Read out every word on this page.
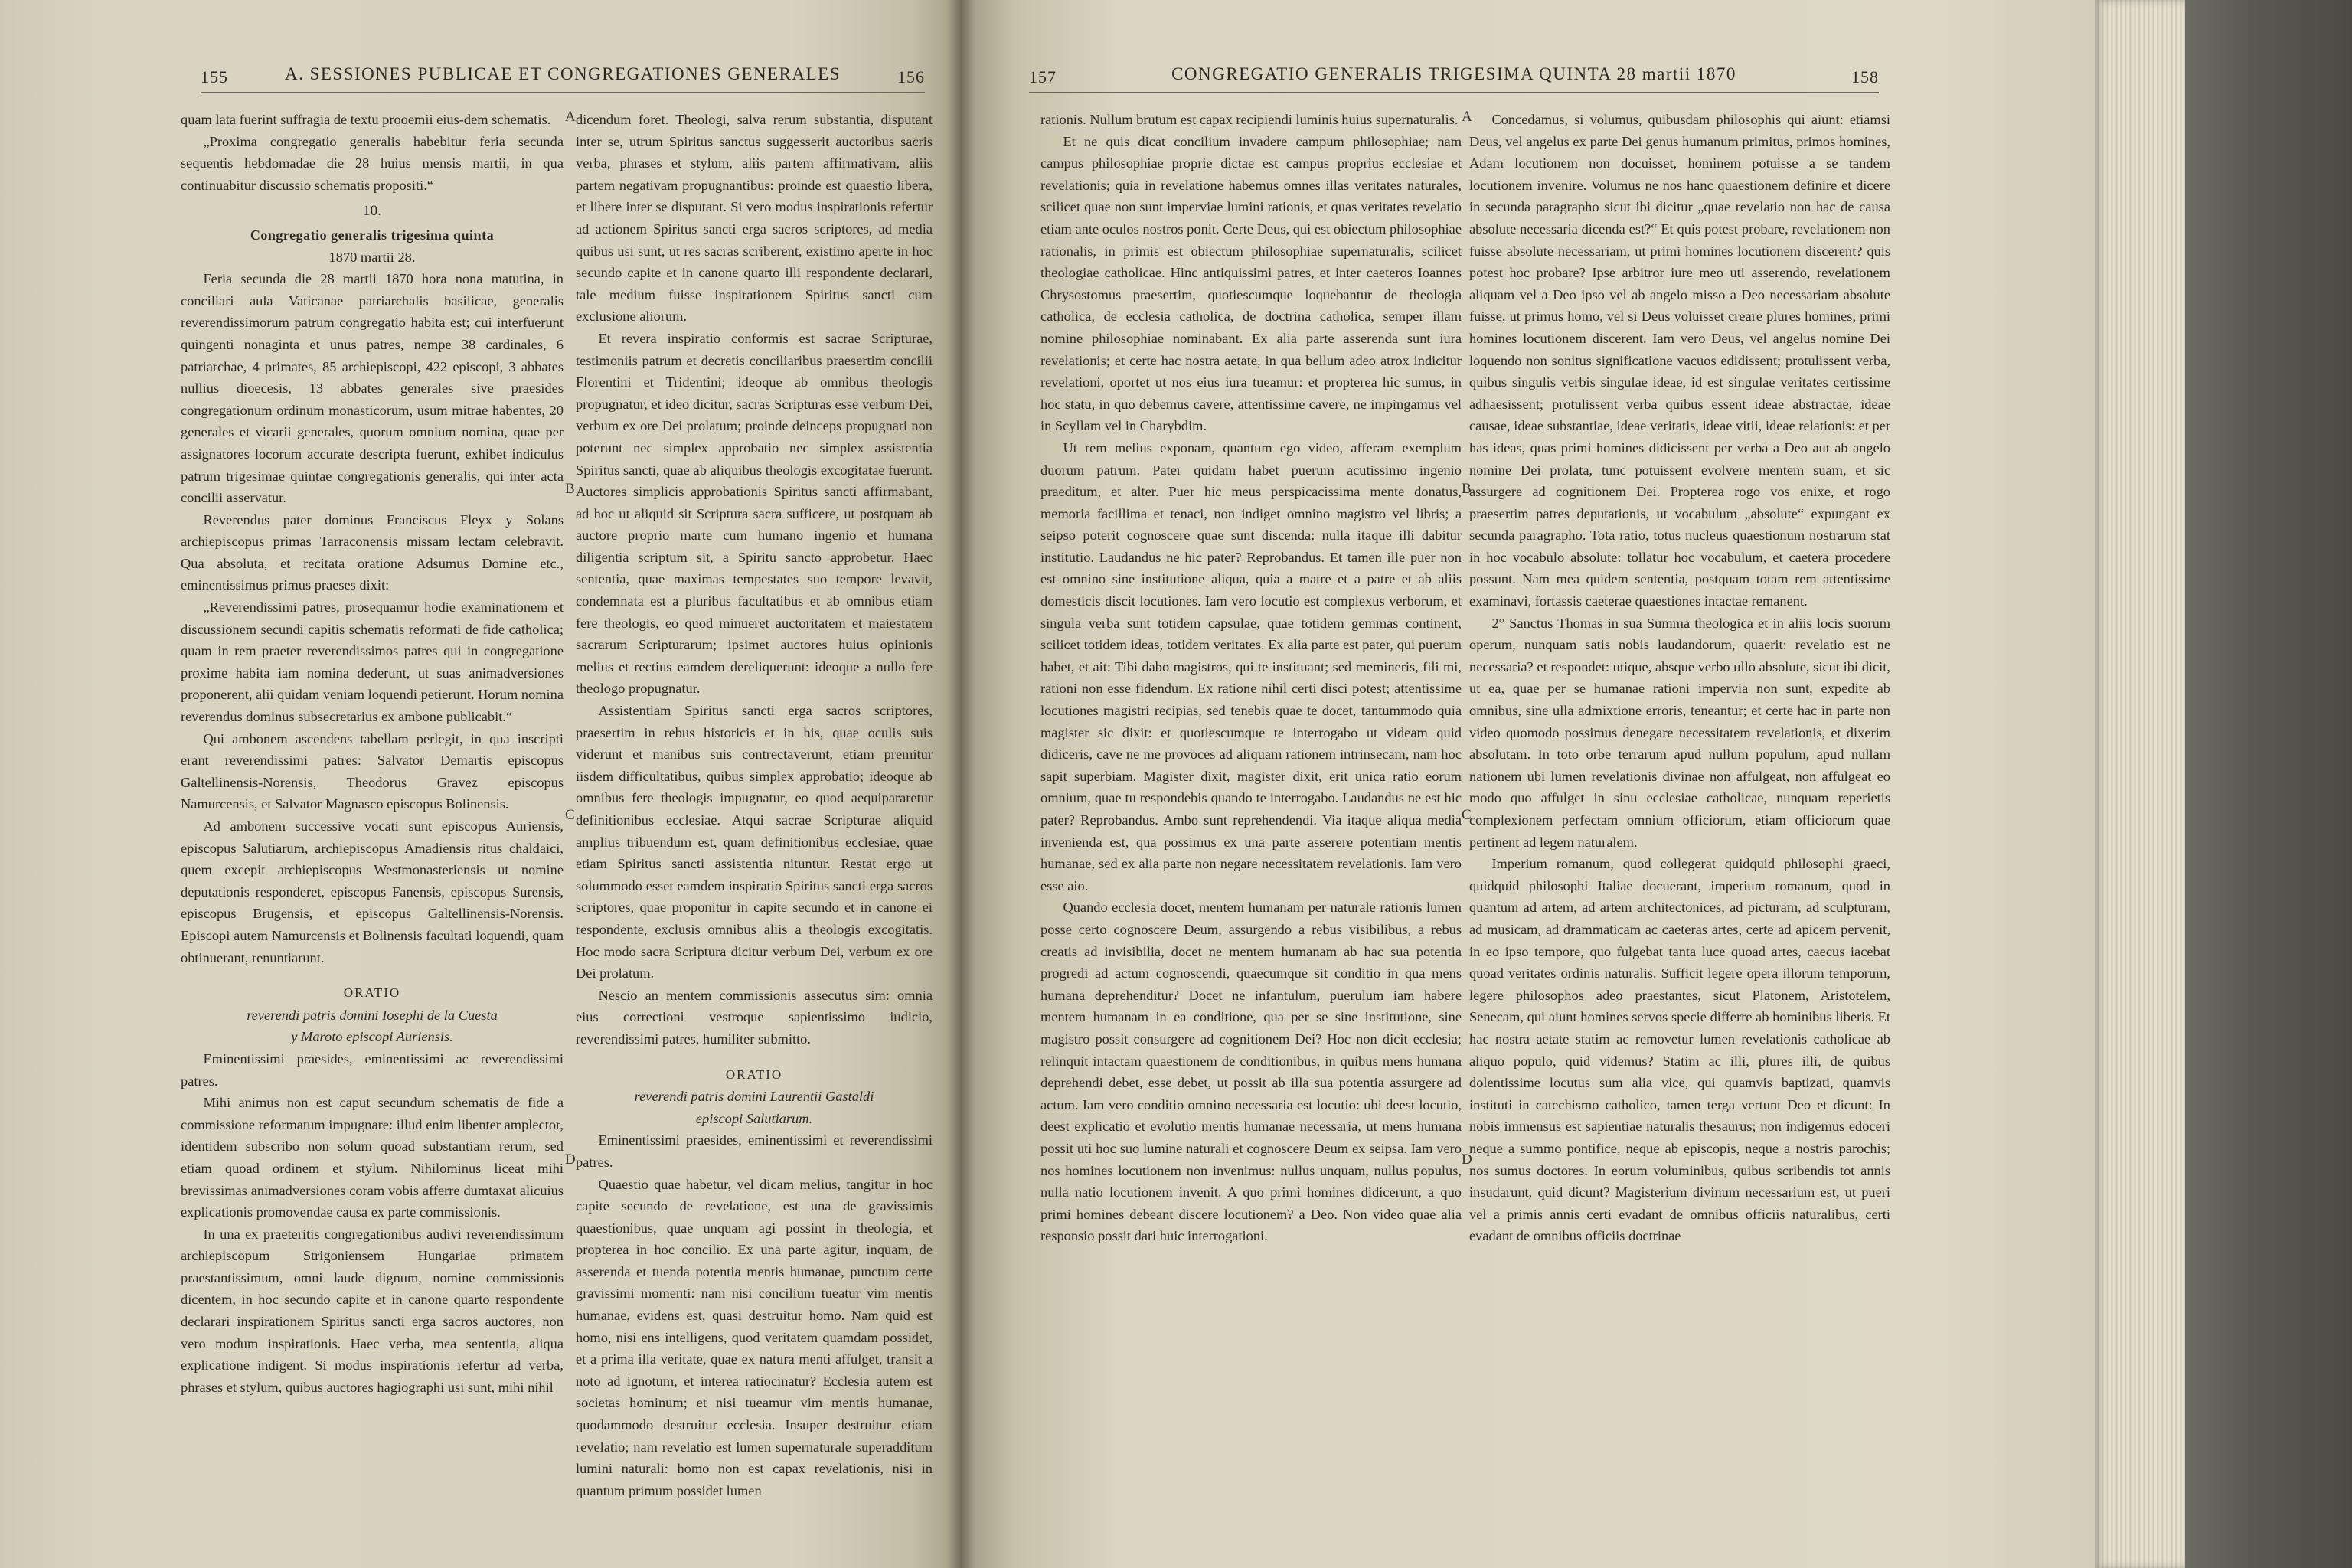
155	A. SESSIONES PUBLICAE ET CONGREGATIONES GENERALES	156

quam lata fuerint suffragia de textu prooemii eius-dem schematis.

„Proxima congregatio generalis habebitur feria secunda sequentis hebdomadae die 28 huius mensis martii, in qua continuabitur discussio schematis propositi.“

10.
Congregatio generalis trigesima quinta
1870 martii 28.

Feria secunda die 28 martii 1870 hora nona matutina, in conciliari aula Vaticanae patriarchalis basilicae, generalis reverendissimorum patrum congregatio habita est; cui interfuerunt quingenti nonaginta et unus patres, nempe 38 cardinales, 6 patriarchae, 4 primates, 85 archiepiscopi, 422 episcopi, 3 abbates nullius dioecesis, 13 abbates generales sive praesides congregationum ordinum monasticorum, usum mitrae habentes, 20 generales et vicarii generales, quorum omnium nomina, quae per assignatores locorum accurate descripta fuerunt, exhibet indiculus patrum trigesimae quintae congregationis generalis, qui inter acta concilii asservatur.

Reverendus pater dominus Franciscus Fleyx y Solans archiepiscopus primas Tarraconensis missam lectam celebravit. Qua absoluta, et recitata oratione Adsumus Domine etc., eminentissimus primus praeses dixit:

„Reverendissimi patres, prosequamur hodie examinationem et discussionem secundi capitis schematis reformati de fide catholica; quam in rem praeter reverendissimos patres qui in congregatione proxime habita iam nomina dederunt, ut suas animadversiones proponerent, alii quidam veniam loquendi petierunt. Horum nomina reverendus dominus subsecretarius ex ambone publicabit.“

Qui ambonem ascendens tabellam perlegit, in qua inscripti erant reverendissimi patres: Salvator Demartis episcopus Galtellinensis-Norensis, Theodorus Gravez episcopus Namurcensis, et Salvator Magnasco episcopus Bolinensis.

Ad ambonem successive vocati sunt episcopus Auriensis, episcopus Salutiarum, archiepiscopus Amadiensis ritus chaldaici, quem excepit archiepiscopus Westmonasteriensis ut nomine deputationis responderet, episcopus Fanensis, episcopus Surensis, episcopus Brugensis, et episcopus Galtellinensis-Norensis. Episcopi autem Namurcensis et Bolinensis facultati loquendi, quam obtinuerant, renuntiarunt.

ORATIO
reverendi patris domini Iosephi de la Cuesta
y Maroto episcopi Auriensis.

Eminentissimi praesides, eminentissimi ac reverendissimi patres.

Mihi animus non est caput secundum schematis de fide a commissione reformatum impugnare: illud enim libenter amplector, identidem subscribo non solum quoad substantiam rerum, sed etiam quoad ordinem et stylum. Nihilominus liceat mihi brevissimas animadversiones coram vobis afferre dumtaxat alicuius explicationis promovendae causa ex parte commissionis.

In una ex praeteritis congregationibus audivi reverendissimum archiepiscopum Strigoniensem Hungariae primatem praestantissimum, omni laude dignum, nomine commissionis dicentem, in hoc secundo capite et in canone quarto respondente declarari inspirationem Spiritus sancti erga sacros auctores, non vero modum inspirationis. Haec verba, mea sententia, aliqua explicatione indigent. Si modus inspirationis refertur ad verba, phrases et stylum, quibus auctores hagiographi usi sunt, mihi nihil

dicendum foret. Theologi, salva rerum substantia, disputant inter se, utrum Spiritus sanctus suggesserit auctoribus sacris verba, phrases et stylum, aliis partem affirmativam, aliis partem negativam propugnantibus: proinde est quaestio libera, et libere inter se disputant. Si vero modus inspirationis refertur ad actionem Spiritus sancti erga sacros scriptores, ad media quibus usi sunt, ut res sacras scriberent, existimo aperte in hoc secundo capite et in canone quarto illi respondente declarari, tale medium fuisse inspirationem Spiritus sancti cum exclusione aliorum.

Et revera inspiratio conformis est sacrae Scripturae, testimoniis patrum et decretis conciliaribus praesertim concilii Florentini et Tridentini; ideoque ab omnibus theologis propugnatur, et ideo dicitur, sacras Scripturas esse verbum Dei, verbum ex ore Dei prolatum; proinde deinceps propugnari non poterunt nec simplex approbatio nec simplex assistentia Spiritus sancti, quae ab aliquibus theologis excogitatae fuerunt. Auctores simplicis approbationis Spiritus sancti affirmabant, ad hoc ut aliquid sit Scriptura sacra sufficere, ut postquam ab auctore proprio marte cum humano ingenio et humana diligentia scriptum sit, a Spiritu sancto approbetur. Haec sententia, quae maximas tempestates suo tempore levavit, condemnata est a pluribus facultatibus et ab omnibus etiam fere theologis, eo quod minueret auctoritatem et maiestatem sacrarum Scripturarum; ipsimet auctores huius opinionis melius et rectius eamdem dereliquerunt: ideoque a nullo fere theologo propugnatur.

Assistentiam Spiritus sancti erga sacros scriptores, praesertim in rebus historicis et in his, quae oculis suis viderunt et manibus suis contrectaverunt, etiam premitur iisdem difficultatibus, quibus simplex approbatio; ideoque ab omnibus fere theologis impugnatur, eo quod aequipararetur definitionibus ecclesiae. Atqui sacrae Scripturae aliquid amplius tribuendum est, quam definitionibus ecclesiae, quae etiam Spiritus sancti assistentia nituntur. Restat ergo ut solummodo esset eamdem inspiratio Spiritus sancti erga sacros scriptores, quae proponitur in capite secundo et in canone ei respondente, exclusis omnibus aliis a theologis excogitatis. Hoc modo sacra Scriptura dicitur verbum Dei, verbum ex ore Dei prolatum.

Nescio an mentem commissionis assecutus sim: omnia eius correctioni vestroque sapientissimo iudicio, reverendissimi patres, humiliter submitto.

ORATIO
reverendi patris domini Laurentii Gastaldi
episcopi Salutiarum.

Eminentissimi praesides, eminentissimi et reverendissimi patres.

Quaestio quae habetur, vel dicam melius, tangitur in hoc capite secundo de revelatione, est una de gravissimis quaestionibus, quae unquam agi possint in theologia, et propterea in hoc concilio. Ex una parte agitur, inquam, de asserenda et tuenda potentia mentis humanae, punctum certe gravissimi momenti: nam nisi concilium tueatur vim mentis humanae, evidens est, quasi destruitur homo. Nam quid est homo, nisi ens intelligens, quod veritatem quamdam possidet, et a prima illa veritate, quae ex natura menti affulget, transit a noto ad ignotum, et interea ratiocinatur? Ecclesia autem est societas hominum; et nisi tueamur vim mentis humanae, quodammodo destruitur ecclesia. Insuper destruitur etiam revelatio; nam revelatio est lumen supernaturale superadditum lumini naturali: homo non est capax revelationis, nisi in quantum primum possidet lumen

A
B
C
D
157	CONGREGATIO GENERALIS TRIGESIMA QUINTA 28 martii 1870	158

rationis. Nullum brutum est capax recipiendi luminis huius supernaturalis.

Et ne quis dicat concilium invadere campum philosophiae; nam campus philosophiae proprie dictae est campus proprius ecclesiae et revelationis; quia in revelatione habemus omnes illas veritates naturales, scilicet quae non sunt imperviae lumini rationis, et quas veritates revelatio etiam ante oculos nostros ponit. Certe Deus, qui est obiectum philosophiae rationalis, in primis est obiectum philosophiae supernaturalis, scilicet theologiae catholicae. Hinc antiquissimi patres, et inter caeteros Ioannes Chrysostomus praesertim, quotiescumque loquebantur de theologia catholica, de ecclesia catholica, de doctrina catholica, semper illam nomine philosophiae nominabant. Ex alia parte asserenda sunt iura revelationis; et certe hac nostra aetate, in qua bellum adeo atrox indicitur revelationi, oportet ut nos eius iura tueamur: et propterea hic sumus, in hoc statu, in quo debemus cavere, attentissime cavere, ne impingamus vel in Scyllam vel in Charybdim.

Ut rem melius exponam, quantum ego video, afferam exemplum duorum patrum. Pater quidam habet puerum acutissimo ingenio praeditum, et alter. Puer hic meus perspicacissima mente donatus, memoria facillima et tenaci, non indiget omnino magistro vel libris; a seipso poterit cognoscere quae sunt discenda: nulla itaque illi dabitur institutio. Laudandus ne hic pater? Reprobandus. Et tamen ille puer non est omnino sine institutione aliqua, quia a matre et a patre et ab aliis domesticis discit locutiones. Iam vero locutio est complexus verborum, et singula verba sunt totidem capsulae, quae totidem gemmas continent, scilicet totidem ideas, totidem veritates. Ex alia parte est pater, qui puerum habet, et ait: Tibi dabo magistros, qui te instituant; sed memineris, fili mi, rationi non esse fidendum. Ex ratione nihil certi disci potest; attentissime locutiones magistri recipias, sed tenebis quae te docet, tantummodo quia magister sic dixit: et quotiescumque te interrogabo ut videam quid didiceris, cave ne me provoces ad aliquam rationem intrinsecam, nam hoc sapit superbiam. Magister dixit, magister dixit, erit unica ratio eorum omnium, quae tu respondebis quando te interrogabo. Laudandus ne est hic pater? Reprobandus. Ambo sunt reprehendendi. Via itaque aliqua media invenienda est, qua possimus ex una parte asserere potentiam mentis humanae, sed ex alia parte non negare necessitatem revelationis. Iam vero esse aio.

Quando ecclesia docet, mentem humanam per naturale rationis lumen posse certo cognoscere Deum, assurgendo a rebus visibilibus, a rebus creatis ad invisibilia, docet ne mentem humanam ab hac sua potentia progredi ad actum cognoscendi, quaecumque sit conditio in qua mens humana deprehenditur? Docet ne infantulum, puerulum iam habere mentem humanam in ea conditione, qua per se sine institutione, sine magistro possit consurgere ad cognitionem Dei? Hoc non dicit ecclesia; relinquit intactam quaestionem de conditionibus, in quibus mens humana deprehendi debet, esse debet, ut possit ab illa sua potentia assurgere ad actum. Iam vero conditio omnino necessaria est locutio: ubi deest locutio, deest explicatio et evolutio mentis humanae necessaria, ut mens humana possit uti hoc suo lumine naturali et cognoscere Deum ex seipsa. Iam vero nos homines locutionem non invenimus: nullus unquam, nullus populus, nulla natio locutionem invenit. A quo primi homines didicerunt, a quo primi homines debeant discere locutionem? a Deo. Non video quae alia responsio possit dari huic interrogationi.

Concedamus, si volumus, quibusdam philosophis qui aiunt: etiamsi Deus, vel angelus ex parte Dei genus humanum primitus, primos homines, Adam locutionem non docuisset, hominem potuisse a se tandem locutionem invenire. Volumus ne nos hanc quaestionem definire et dicere in secunda paragrapho sicut ibi dicitur „quae revelatio non hac de causa absolute necessaria dicenda est?“ Et quis potest probare, revelationem non fuisse absolute necessariam, ut primi homines locutionem discerent? quis potest hoc probare? Ipse arbitror iure meo uti asserendo, revelationem aliquam vel a Deo ipso vel ab angelo misso a Deo necessariam absolute fuisse, ut primus homo, vel si Deus voluisset creare plures homines, primi homines locutionem discerent. Iam vero Deus, vel angelus nomine Dei loquendo non sonitus significatione vacuos edidissent; protulissent verba, quibus singulis verbis singulae ideae, id est singulae veritates certissime adhaesissent; protulissent verba quibus essent ideae abstractae, ideae causae, ideae substantiae, ideae veritatis, ideae vitii, ideae relationis: et per has ideas, quas primi homines didicissent per verba a Deo aut ab angelo nomine Dei prolata, tunc potuissent evolvere mentem suam, et sic assurgere ad cognitionem Dei. Propterea rogo vos enixe, et rogo praesertim patres deputationis, ut vocabulum „absolute“ expungant ex secunda paragrapho. Tota ratio, totus nucleus quaestionum nostrarum stat in hoc vocabulo absolute: tollatur hoc vocabulum, et caetera procedere possunt. Nam mea quidem sententia, postquam totam rem attentissime examinavi, fortassis caeterae quaestiones intactae remanent.

2° Sanctus Thomas in sua Summa theologica et in aliis locis suorum operum, nunquam satis nobis laudandorum, quaerit: revelatio est ne necessaria? et respondet: utique, absque verbo ullo absolute, sicut ibi dicit, ut ea, quae per se humanae rationi impervia non sunt, expedite ab omnibus, sine ulla admixtione erroris, teneantur; et certe hac in parte non video quomodo possimus denegare necessitatem revelationis, et dixerim absolutam. In toto orbe terrarum apud nullum populum, apud nullam nationem ubi lumen revelationis divinae non affulgeat, non affulgeat eo modo quo affulget in sinu ecclesiae catholicae, nunquam reperietis complexionem perfectam omnium officiorum, etiam officiorum quae pertinent ad legem naturalem.

Imperium romanum, quod collegerat quidquid philosophi graeci, quidquid philosophi Italiae docuerant, imperium romanum, quod in quantum ad artem, ad artem architectonices, ad picturam, ad sculpturam, ad musicam, ad drammaticam ac caeteras artes, certe ad apicem pervenit, in eo ipso tempore, quo fulgebat tanta luce quoad artes, caecus iacebat quoad veritates ordinis naturalis. Sufficit legere opera illorum temporum, legere philosophos adeo praestantes, sicut Platonem, Aristotelem, Senecam, qui aiunt homines servos specie differre ab hominibus liberis. Et hac nostra aetate statim ac removetur lumen revelationis catholicae ab aliquo populo, quid videmus? Statim ac illi, plures illi, de quibus dolentissime locutus sum alia vice, qui quamvis baptizati, quamvis instituti in catechismo catholico, tamen terga vertunt Deo et dicunt: In nobis immensus est sapientiae naturalis thesaurus; non indigemus edoceri neque a summo pontifice, neque ab episcopis, neque a nostris parochis; nos sumus doctores. In eorum voluminibus, quibus scribendis tot annis insudarunt, quid dicunt? Magisterium divinum necessarium est, ut pueri vel a primis annis certi evadant de omnibus officiis naturalibus, certi evadant de omnibus officiis doctrinae

A
B
C
D
